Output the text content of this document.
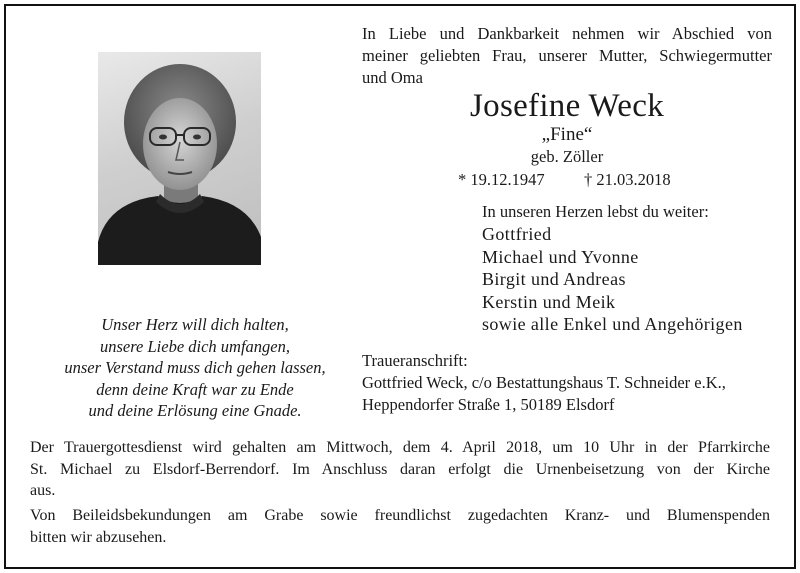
Unser Herz will dich halten,
unsere Liebe dich umfangen,
unser Verstand muss dich gehen lassen,
denn deine Kraft war zu Ende
und deine Erlösung eine Gnade.
In Liebe und Dankbarkeit nehmen wir Abschied von
meiner geliebten Frau, unserer Mutter, Schwiegermutter
und Oma
Josefine Weck
„Fine“
geb. Zöller
* 19.12.1947 † 21.03.2018
In unseren Herzen lebst du weiter:
Gottfried
Michael und Yvonne
Birgit und Andreas
Kerstin und Meik
sowie alle Enkel und Angehörigen
Traueranschrift:
Gottfried Weck, c/o Bestattungshaus T. Schneider e.K.,
Heppendorfer Straße 1, 50189 Elsdorf
Der Trauergottesdienst wird gehalten am Mittwoch, dem 4. April 2018, um 10 Uhr in der Pfarrkirche
St. Michael zu Elsdorf-Berrendorf. Im Anschluss daran erfolgt die Urnenbeisetzung von der Kirche
aus.
Von Beileidsbekundungen am Grabe sowie freundlichst zugedachten Kranz- und Blumenspenden
bitten wir abzusehen.
